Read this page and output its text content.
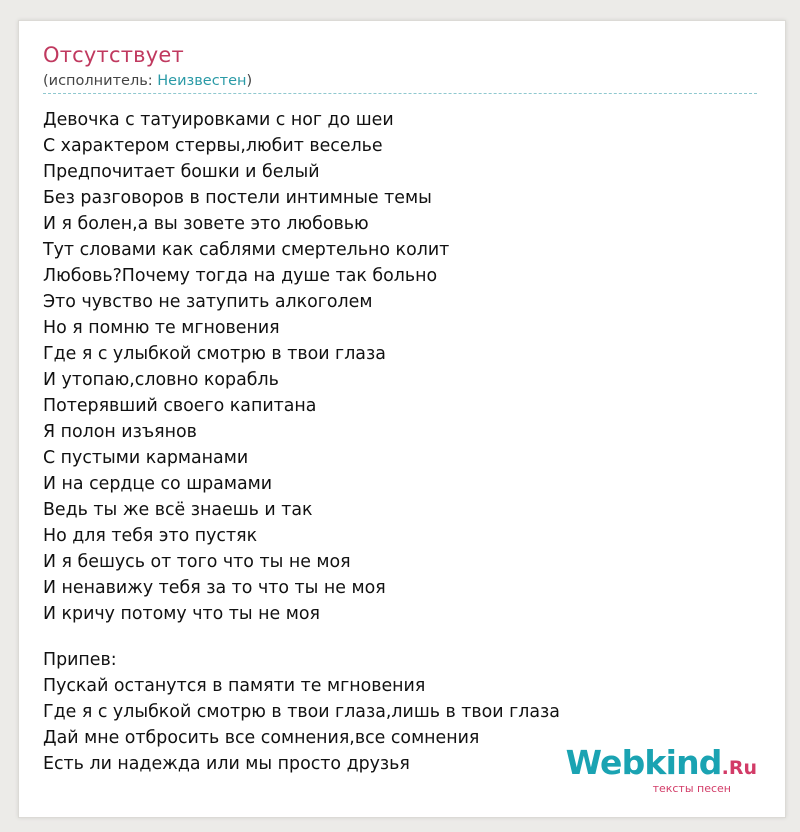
Отсутствует
(исполнитель: Неизвестен)
Девочка с татуировками с ног до шеи
С характером стервы,любит веселье
Предпочитает бошки и белый
Без разговоров в постели интимные темы
И я болен,а вы зовете это любовью
Тут словами как саблями смертельно колит
Любовь?Почему тогда на душе так больно
Это чувство не затупить алкоголем
Но я помню те мгновения
Где я с улыбкой смотрю в твои глаза
И утопаю,словно корабль
Потерявший своего капитана
Я полон изъянов
С пустыми карманами
И на сердце со шрамами
Ведь ты же всё знаешь и так
Но для тебя это пустяк
И я бешусь от того что ты не моя
И ненавижу тебя за то что ты не моя
И кричу потому что ты не моя
Припев:
Пускай останутся в памяти те мгновения
Где я с улыбкой смотрю в твои глаза,лишь в твои глаза
Дай мне отбросить все сомнения,все сомнения
Есть ли надежда или мы просто друзья	Webkind.Ru
тексты песен
